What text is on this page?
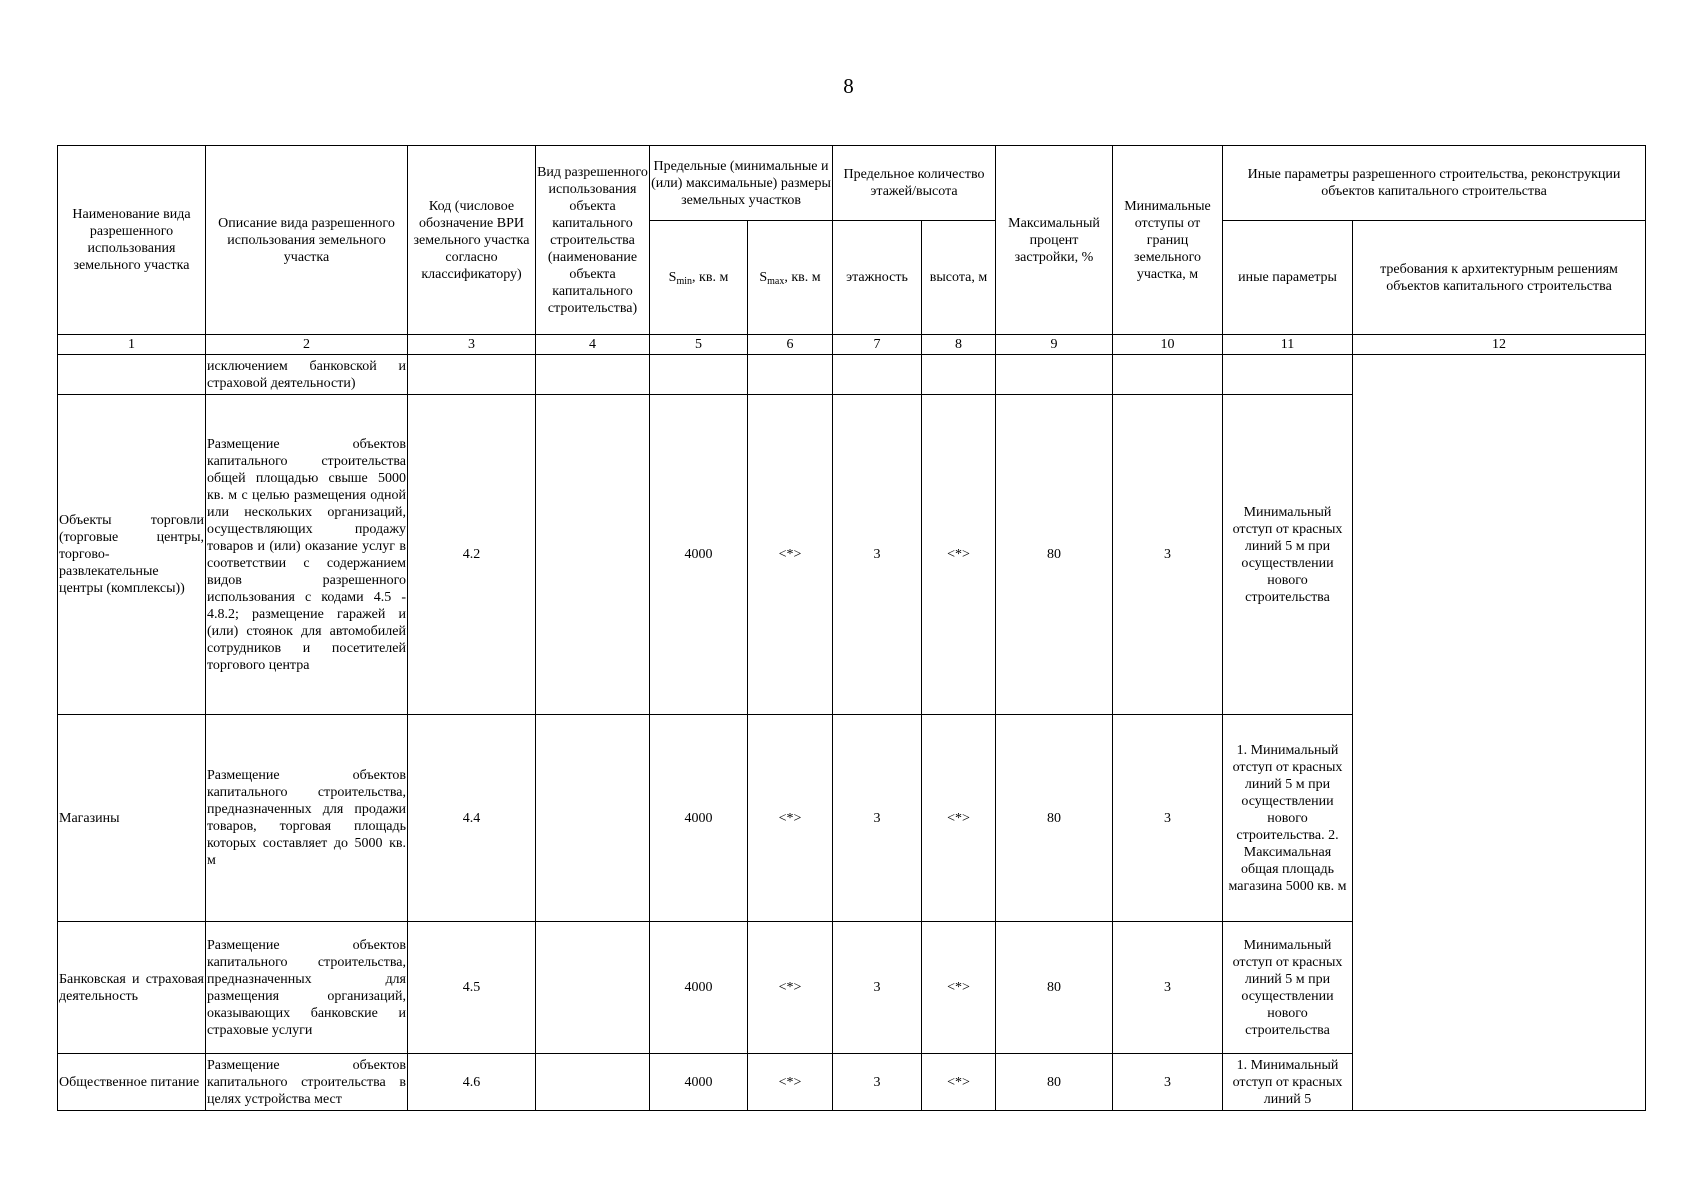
8
Наименование вида разрешенного использования земельного участка	Описание вида разрешенного использования земельного участка	Код (числовое обозначение ВРИ земельного участка согласно классификатору)	Вид разрешенного использования объекта капитального строительства (наименование объекта капитального строительства)	Предельные (минимальные и (или) максимальные) размеры земельных участков		Предельное количество этажей/высота		Максимальный процент застройки, %	Минимальные отступы от границ земельного участка, м	Иные параметры разрешенного строительства, реконструкции объектов капитального строительства	
				$S_{min}$, кв. м	$S_{max}$, кв. м	этажность	высота, м			иные параметры	требования к архитектурным решениям объектов капитального строительства
1	2	3	4	5	6	7	8	9	10	11	12
	исключением банковской и страховой деятельности)										
Объекты торговли (торговые центры, торгово-развлекательные центры (комплексы))	Размещение объектов капитального строительства общей площадью свыше 5000 кв. м с целью размещения одной или нескольких организаций, осуществляющих продажу товаров и (или) оказание услуг в соответствии с содержанием видов разрешенного использования с кодами 4.5 - 4.8.2; размещение гаражей и (или) стоянок для автомобилей сотрудников и посетителей торгового центра	4.2		4000	<*>	3	<*>	80	3	Минимальный отступ от красных линий 5 м при осуществлении нового строительства	
Магазины	Размещение объектов капитального строительства, предназначенных для продажи товаров, торговая площадь которых составляет до 5000 кв. м	4.4		4000	<*>	3	<*>	80	3	1. Минимальный отступ от красных линий 5 м при осуществлении нового строительства. 2. Максимальная общая площадь магазина 5000 кв. м	
Банковская и страховая деятельность	Размещение объектов капитального строительства, предназначенных для размещения организаций, оказывающих банковские и страховые услуги	4.5		4000	<*>	3	<*>	80	3	Минимальный отступ от красных линий 5 м при осуществлении нового строительства	
Общественное питание	Размещение объектов капитального строительства в целях устройства мест	4.6		4000	<*>	3	<*>	80	3	1. Минимальный отступ от красных линий 5	
